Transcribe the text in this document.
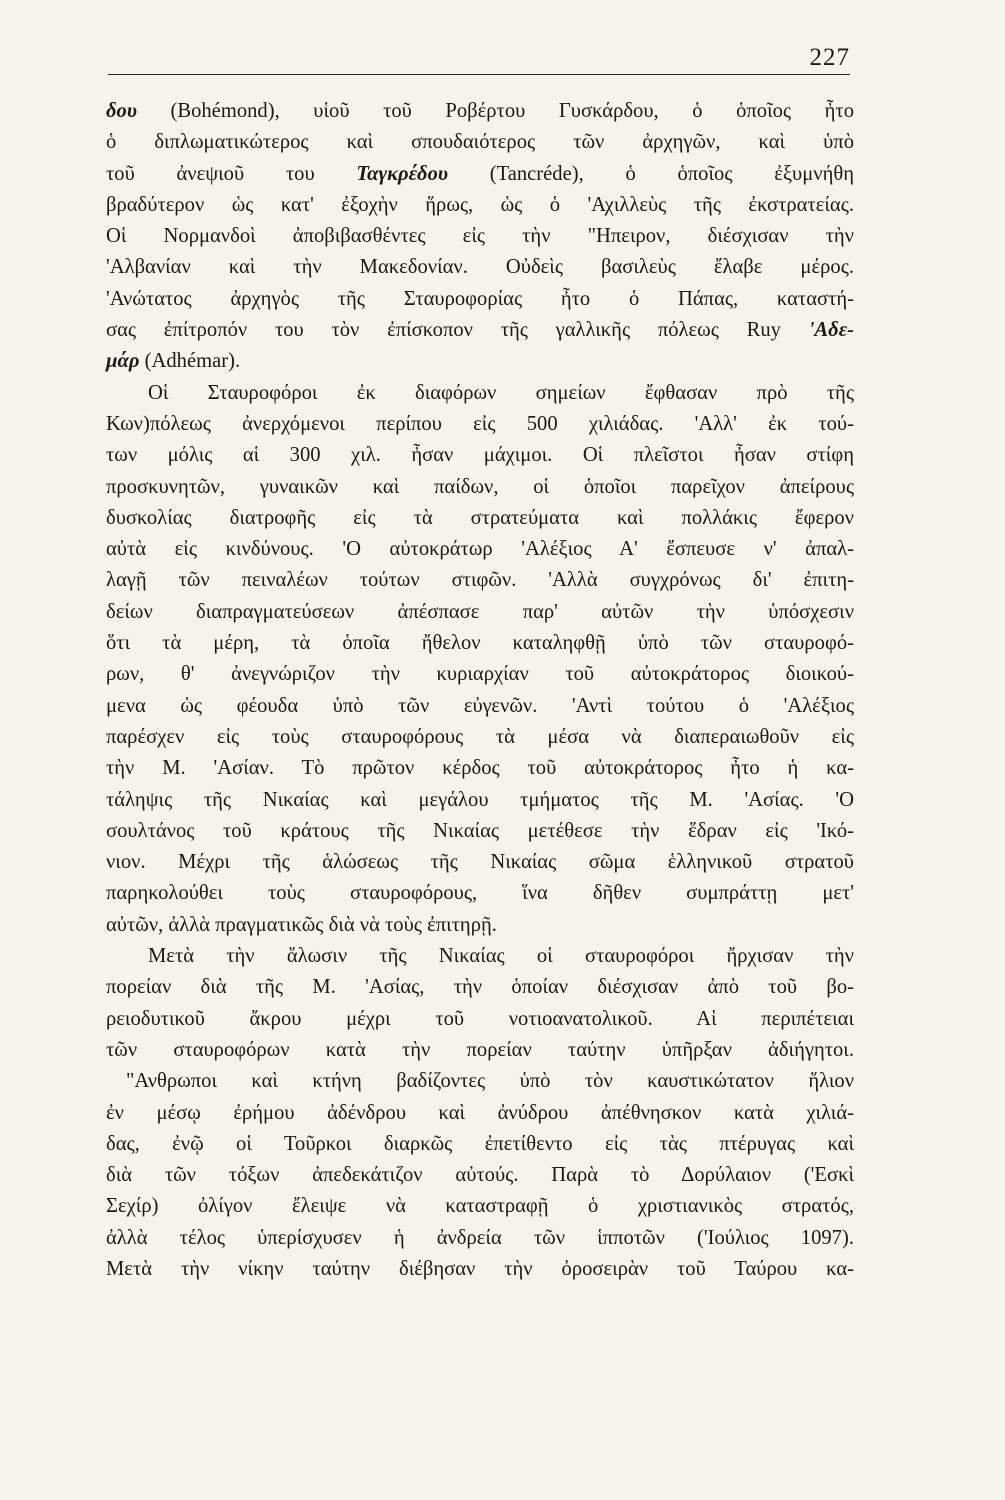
227
δου (Bohémond), υἱοῦ τοῦ Ροβέρτου Γυσκάρδου, ὁ ὁποῖος ἦτο
ὁ διπλωματικώτερος καὶ σπουδαιότερος τῶν ἀρχηγῶν, καὶ ὑπὸ
τοῦ ἀνεψιοῦ του Ταγκρέδου (Tancréde), ὁ ὁποῖος ἐξυμνήθη
βραδύτερον ὡς κατ' ἐξοχὴν ἥρως, ὡς ὁ 'Αχιλλεὺς τῆς ἐκστρατείας.
Οἱ Νορμανδοὶ ἀποβιβασθέντες εἰς τὴν "Ηπειρον, διέσχισαν τὴν
'Αλβανίαν καὶ τὴν Μακεδονίαν. Οὐδεὶς βασιλεὺς ἔλαβε μέρος.
'Ανώτατος ἀρχηγὸς τῆς Σταυροφορίας ἦτο ὁ Πάπας, καταστή-
σας ἐπίτροπόν του τὸν ἐπίσκοπον τῆς γαλλικῆς πόλεως Ruy 'Αδε-
μάρ (Adhémar).
Οἱ Σταυροφόροι ἐκ διαφόρων σημείων ἔφθασαν πρὸ τῆς
Κων)πόλεως ἀνερχόμενοι περίπου εἰς 500 χιλιάδας. 'Αλλ' ἐκ τού-
των μόλις αἱ 300 χιλ. ἦσαν μάχιμοι. Οἱ πλεῖστοι ἦσαν στίφη
προσκυνητῶν, γυναικῶν καὶ παίδων, οἱ ὁποῖοι παρεῖχον ἀπείρους
δυσκολίας διατροφῆς εἰς τὰ στρατεύματα καὶ πολλάκις ἔφερον
αὐτὰ εἰς κινδύνους. 'Ο αὐτοκράτωρ 'Αλέξιος Α' ἔσπευσε ν' ἀπαλ-
λαγῇ τῶν πειναλέων τούτων στιφῶν. 'Αλλὰ συγχρόνως δι' ἐπιτη-
δείων διαπραγματεύσεων ἀπέσπασε παρ' αὐτῶν τὴν ὑπόσχεσιν
ὅτι τὰ μέρη, τὰ ὁποῖα ἤθελον καταληφθῇ ὑπὸ τῶν σταυροφό-
ρων, θ' ἀνεγνώριζον τὴν κυριαρχίαν τοῦ αὐτοκράτορος διοικού-
μενα ὡς φέουδα ὑπὸ τῶν εὐγενῶν. 'Αντὶ τούτου ὁ 'Αλέξιος
παρέσχεν εἰς τοὺς σταυροφόρους τὰ μέσα νὰ διαπεραιωθοῦν εἰς
τὴν Μ. 'Ασίαν. Τὸ πρῶτον κέρδος τοῦ αὐτοκράτορος ἦτο ἡ κα-
τάληψις τῆς Νικαίας καὶ μεγάλου τμήματος τῆς Μ. 'Ασίας. 'Ο
σουλτάνος τοῦ κράτους τῆς Νικαίας μετέθεσε τὴν ἕδραν εἰς 'Ικό-
νιον. Μέχρι τῆς ἁλώσεως τῆς Νικαίας σῶμα ἑλληνικοῦ στρατοῦ
παρηκολούθει τοὺς σταυροφόρους, ἵνα δῆθεν συμπράττῃ μετ'
αὐτῶν, ἀλλὰ πραγματικῶς διὰ νὰ τοὺς ἐπιτηρῇ.
Μετὰ τὴν ἅλωσιν τῆς Νικαίας οἱ σταυροφόροι ἤρχισαν τὴν
πορείαν διὰ τῆς Μ. 'Ασίας, τὴν ὁποίαν διέσχισαν ἀπὸ τοῦ βο-
ρειοδυτικοῦ ἄκρου μέχρι τοῦ νοτιοανατολικοῦ. Αἱ περιπέτειαι
τῶν σταυροφόρων κατὰ τὴν πορείαν ταύτην ὑπῆρξαν ἀδιήγητοι.
"Ανθρωποι καὶ κτήνη βαδίζοντες ὑπὸ τὸν καυστικώτατον ἥλιον
ἐν μέσῳ ἐρήμου ἀδένδρου καὶ ἀνύδρου ἀπέθνησκον κατὰ χιλιά-
δας, ἐνῷ οἱ Τοῦρκοι διαρκῶς ἐπετίθεντο εἰς τὰς πτέρυγας καὶ
διὰ τῶν τόξων ἀπεδεκάτιζον αὐτούς. Παρὰ τὸ Δορύλαιον ('Εσκὶ
Σεχίρ) ὀλίγον ἔλειψε νὰ καταστραφῇ ὁ χριστιανικὸς στρατός,
ἀλλὰ τέλος ὑπερίσχυσεν ἡ ἀνδρεία τῶν ἱπποτῶν ('Ιούλιος 1097).
Μετὰ τὴν νίκην ταύτην διέβησαν τὴν ὀροσειρὰν τοῦ Ταύρου κα-
